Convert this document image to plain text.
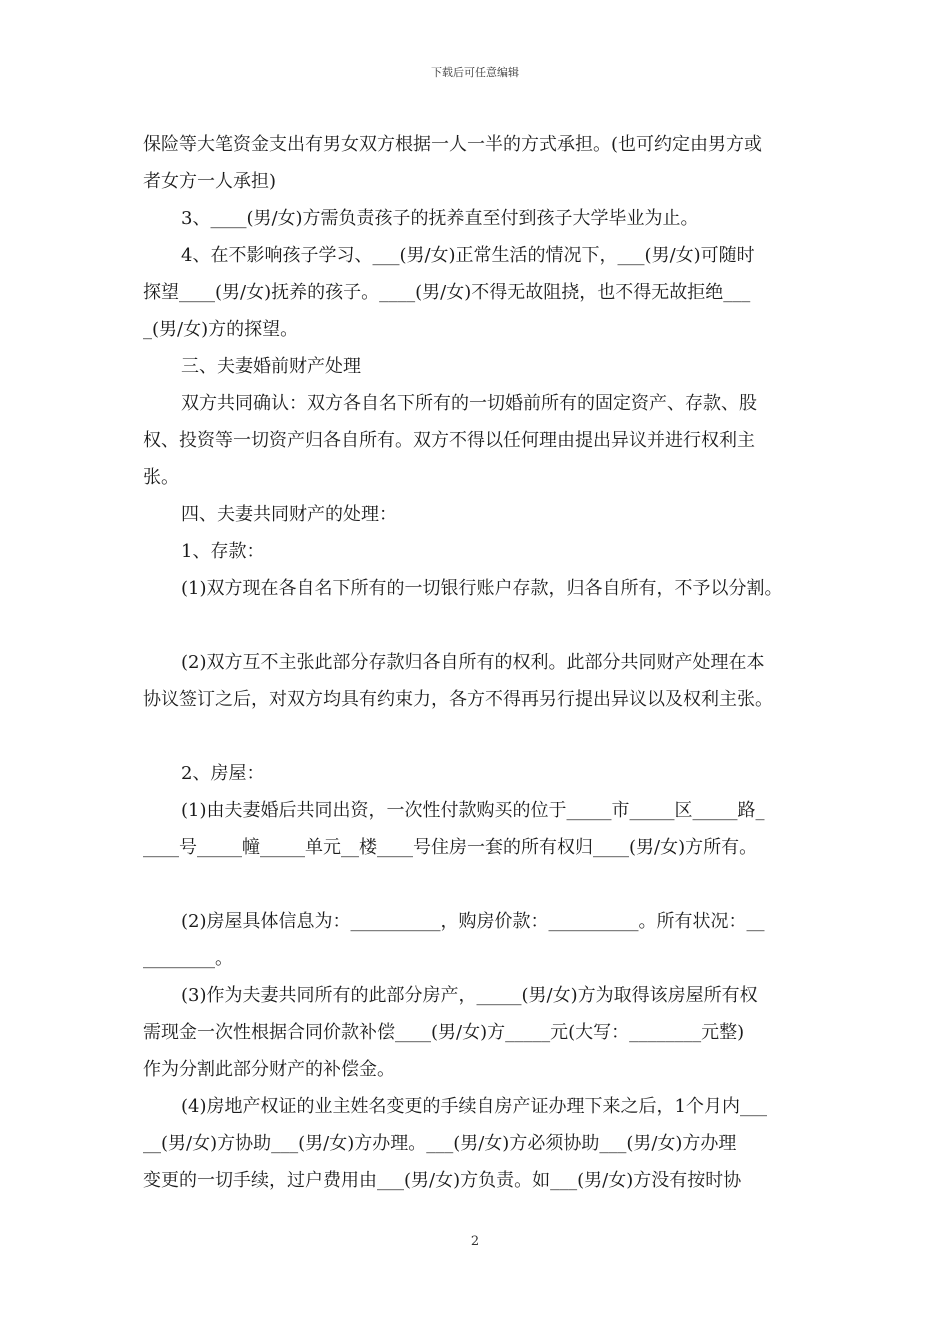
下载后可任意编辑

保险等大笔资金支出有男女双方根据一人一半的方式承担。(也可约定由男方或

者女方一人承担)

3、____(男/女)方需负责孩子的抚养直至付到孩子大学毕业为止。

4、在不影响孩子学习、___(男/女)正常生活的情况下，___(男/女)可随时

探望____(男/女)抚养的孩子。____(男/女)不得无故阻挠，也不得无故拒绝___

_(男/女)方的探望。

三、夫妻婚前财产处理

双方共同确认：双方各自名下所有的一切婚前所有的固定资产、存款、股

权、投资等一切资产归各自所有。双方不得以任何理由提出异议并进行权利主

张。

四、夫妻共同财产的处理：

1、存款：

(1)双方现在各自名下所有的一切银行账户存款，归各自所有，不予以分割。

(2)双方互不主张此部分存款归各自所有的权利。此部分共同财产处理在本

协议签订之后，对双方均具有约束力，各方不得再另行提出异议以及权利主张。

2、房屋：

(1)由夫妻婚后共同出资，一次性付款购买的位于_____市_____区_____路_

____号_____幢_____单元__楼____号住房一套的所有权归____(男/女)方所有。

(2)房屋具体信息为：__________，购房价款：__________。所有状况：__

________。

(3)作为夫妻共同所有的此部分房产，_____(男/女)方为取得该房屋所有权

需现金一次性根据合同价款补偿____(男/女)方_____元(大写：________元整)

作为分割此部分财产的补偿金。

(4)房地产权证的业主姓名变更的手续自房产证办理下来之后，1个月内___

__(男/女)方协助___(男/女)方办理。___(男/女)方必须协助___(男/女)方办理

变更的一切手续，过户费用由___(男/女)方负责。如___(男/女)方没有按时协

2
